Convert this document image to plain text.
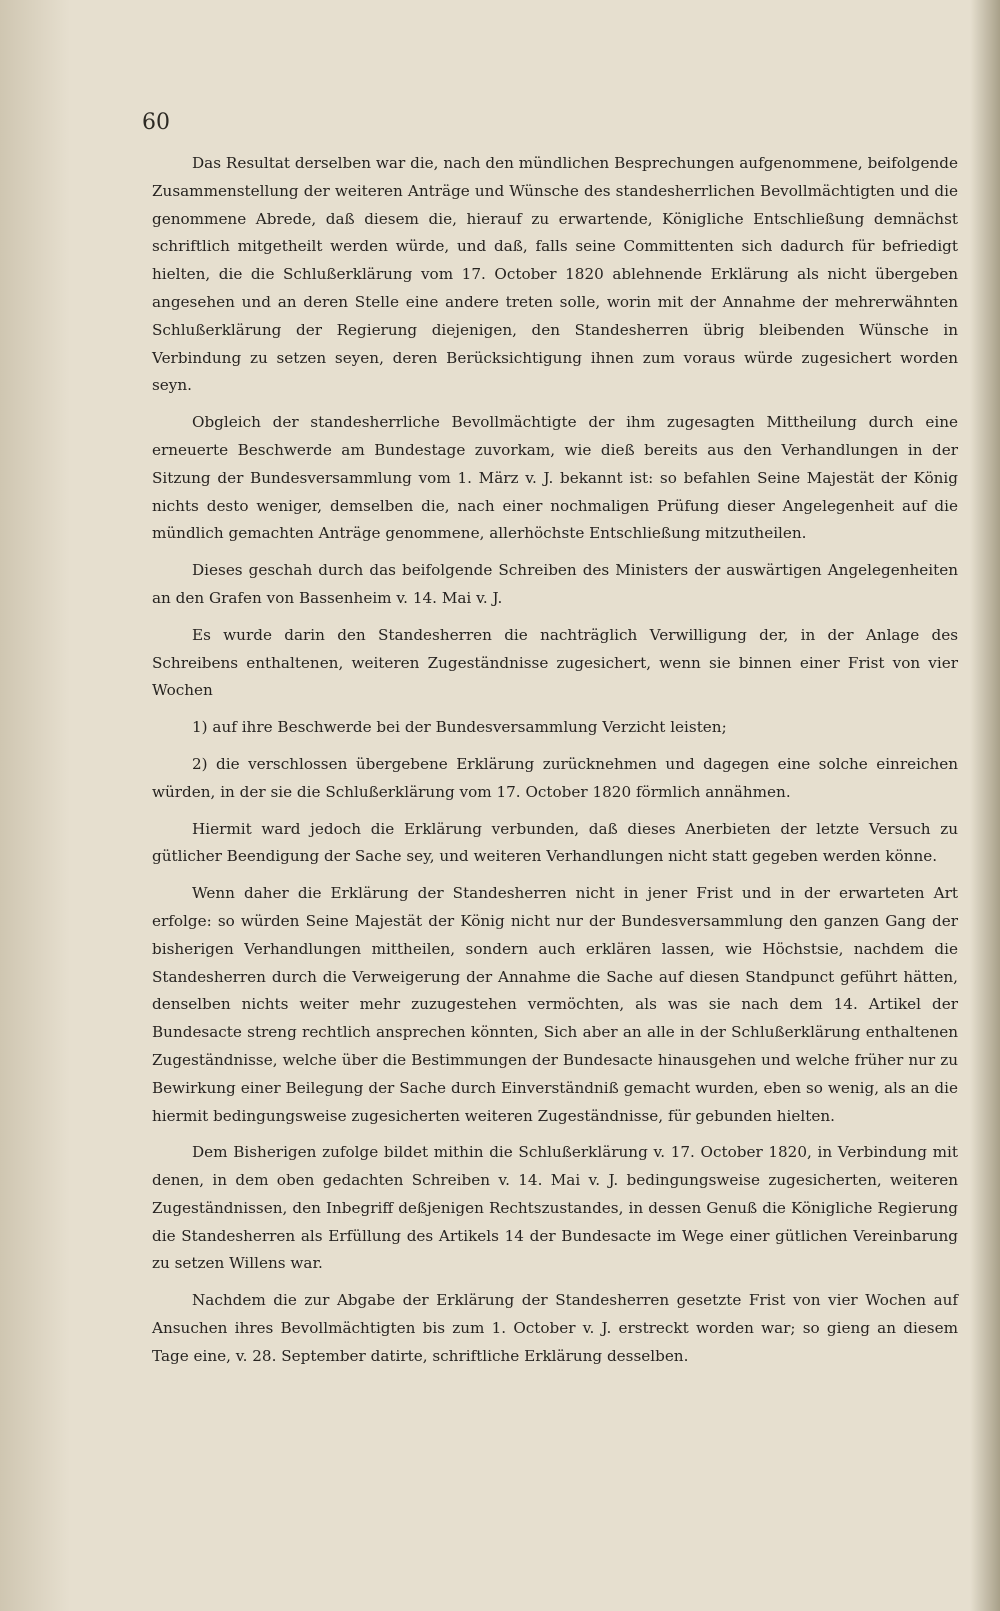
60

Das Resultat derselben war die, nach den mündlichen Besprechungen aufgenommene, beifolgende Zusammenstellung der weiteren Anträge und Wünsche des standesherrlichen Bevollmächtigten und die genommene Abrede, daß diesem die, hierauf zu erwartende, Königliche Entschließung demnächst schriftlich mitgetheilt werden würde, und daß, falls seine Committenten sich dadurch für befriedigt hielten, die die Schlußerklärung vom 17. October 1820 ablehnende Erklärung als nicht übergeben angesehen und an deren Stelle eine andere treten solle, worin mit der Annahme der mehrerwähnten Schlußerklärung der Regierung diejenigen, den Standesherren übrig bleibenden Wünsche in Verbindung zu setzen seyen, deren Berücksichtigung ihnen zum voraus würde zugesichert worden seyn.

Obgleich der standesherrliche Bevollmächtigte der ihm zugesagten Mittheilung durch eine erneuerte Beschwerde am Bundestage zuvorkam, wie dieß bereits aus den Verhandlungen in der Sitzung der Bundesversammlung vom 1. März v. J. bekannt ist: so befahlen Seine Majestät der König nichts desto weniger, demselben die, nach einer nochmaligen Prüfung dieser Angelegenheit auf die mündlich gemachten Anträge genommene, allerhöchste Entschließung mitzutheilen.

Dieses geschah durch das beifolgende Schreiben des Ministers der auswärtigen Angelegenheiten an den Grafen von Bassenheim v. 14. Mai v. J.

Es wurde darin den Standesherren die nachträglich Verwilligung der, in der Anlage des Schreibens enthaltenen, weiteren Zugeständnisse zugesichert, wenn sie binnen einer Frist von vier Wochen

1) auf ihre Beschwerde bei der Bundesversammlung Verzicht leisten;

2) die verschlossen übergebene Erklärung zurücknehmen und dagegen eine solche einreichen würden, in der sie die Schlußerklärung vom 17. October 1820 förmlich annähmen.

Hiermit ward jedoch die Erklärung verbunden, daß dieses Anerbieten der letzte Versuch zu gütlicher Beendigung der Sache sey, und weiteren Verhandlungen nicht statt gegeben werden könne.

Wenn daher die Erklärung der Standesherren nicht in jener Frist und in der erwarteten Art erfolge: so würden Seine Majestät der König nicht nur der Bundesversammlung den ganzen Gang der bisherigen Verhandlungen mittheilen, sondern auch erklären lassen, wie Höchstsie, nachdem die Standesherren durch die Verweigerung der Annahme die Sache auf diesen Standpunct geführt hätten, denselben nichts weiter mehr zuzugestehen vermöchten, als was sie nach dem 14. Artikel der Bundesacte streng rechtlich ansprechen könnten, Sich aber an alle in der Schlußerklärung enthaltenen Zugeständnisse, welche über die Bestimmungen der Bundesacte hinausgehen und welche früher nur zu Bewirkung einer Beilegung der Sache durch Einverständniß gemacht wurden, eben so wenig, als an die hiermit bedingungsweise zugesicherten weiteren Zugeständnisse, für gebunden hielten.

Dem Bisherigen zufolge bildet mithin die Schlußerklärung v. 17. October 1820, in Verbindung mit denen, in dem oben gedachten Schreiben v. 14. Mai v. J. bedingungsweise zugesicherten, weiteren Zugeständnissen, den Inbegriff deßjenigen Rechtszustandes, in dessen Genuß die Königliche Regierung die Standesherren als Erfüllung des Artikels 14 der Bundesacte im Wege einer gütlichen Vereinbarung zu setzen Willens war.

Nachdem die zur Abgabe der Erklärung der Standesherren gesetzte Frist von vier Wochen auf Ansuchen ihres Bevollmächtigten bis zum 1. October v. J. erstreckt worden war; so gieng an diesem Tage eine, v. 28. September datirte, schriftliche Erklärung desselben.
